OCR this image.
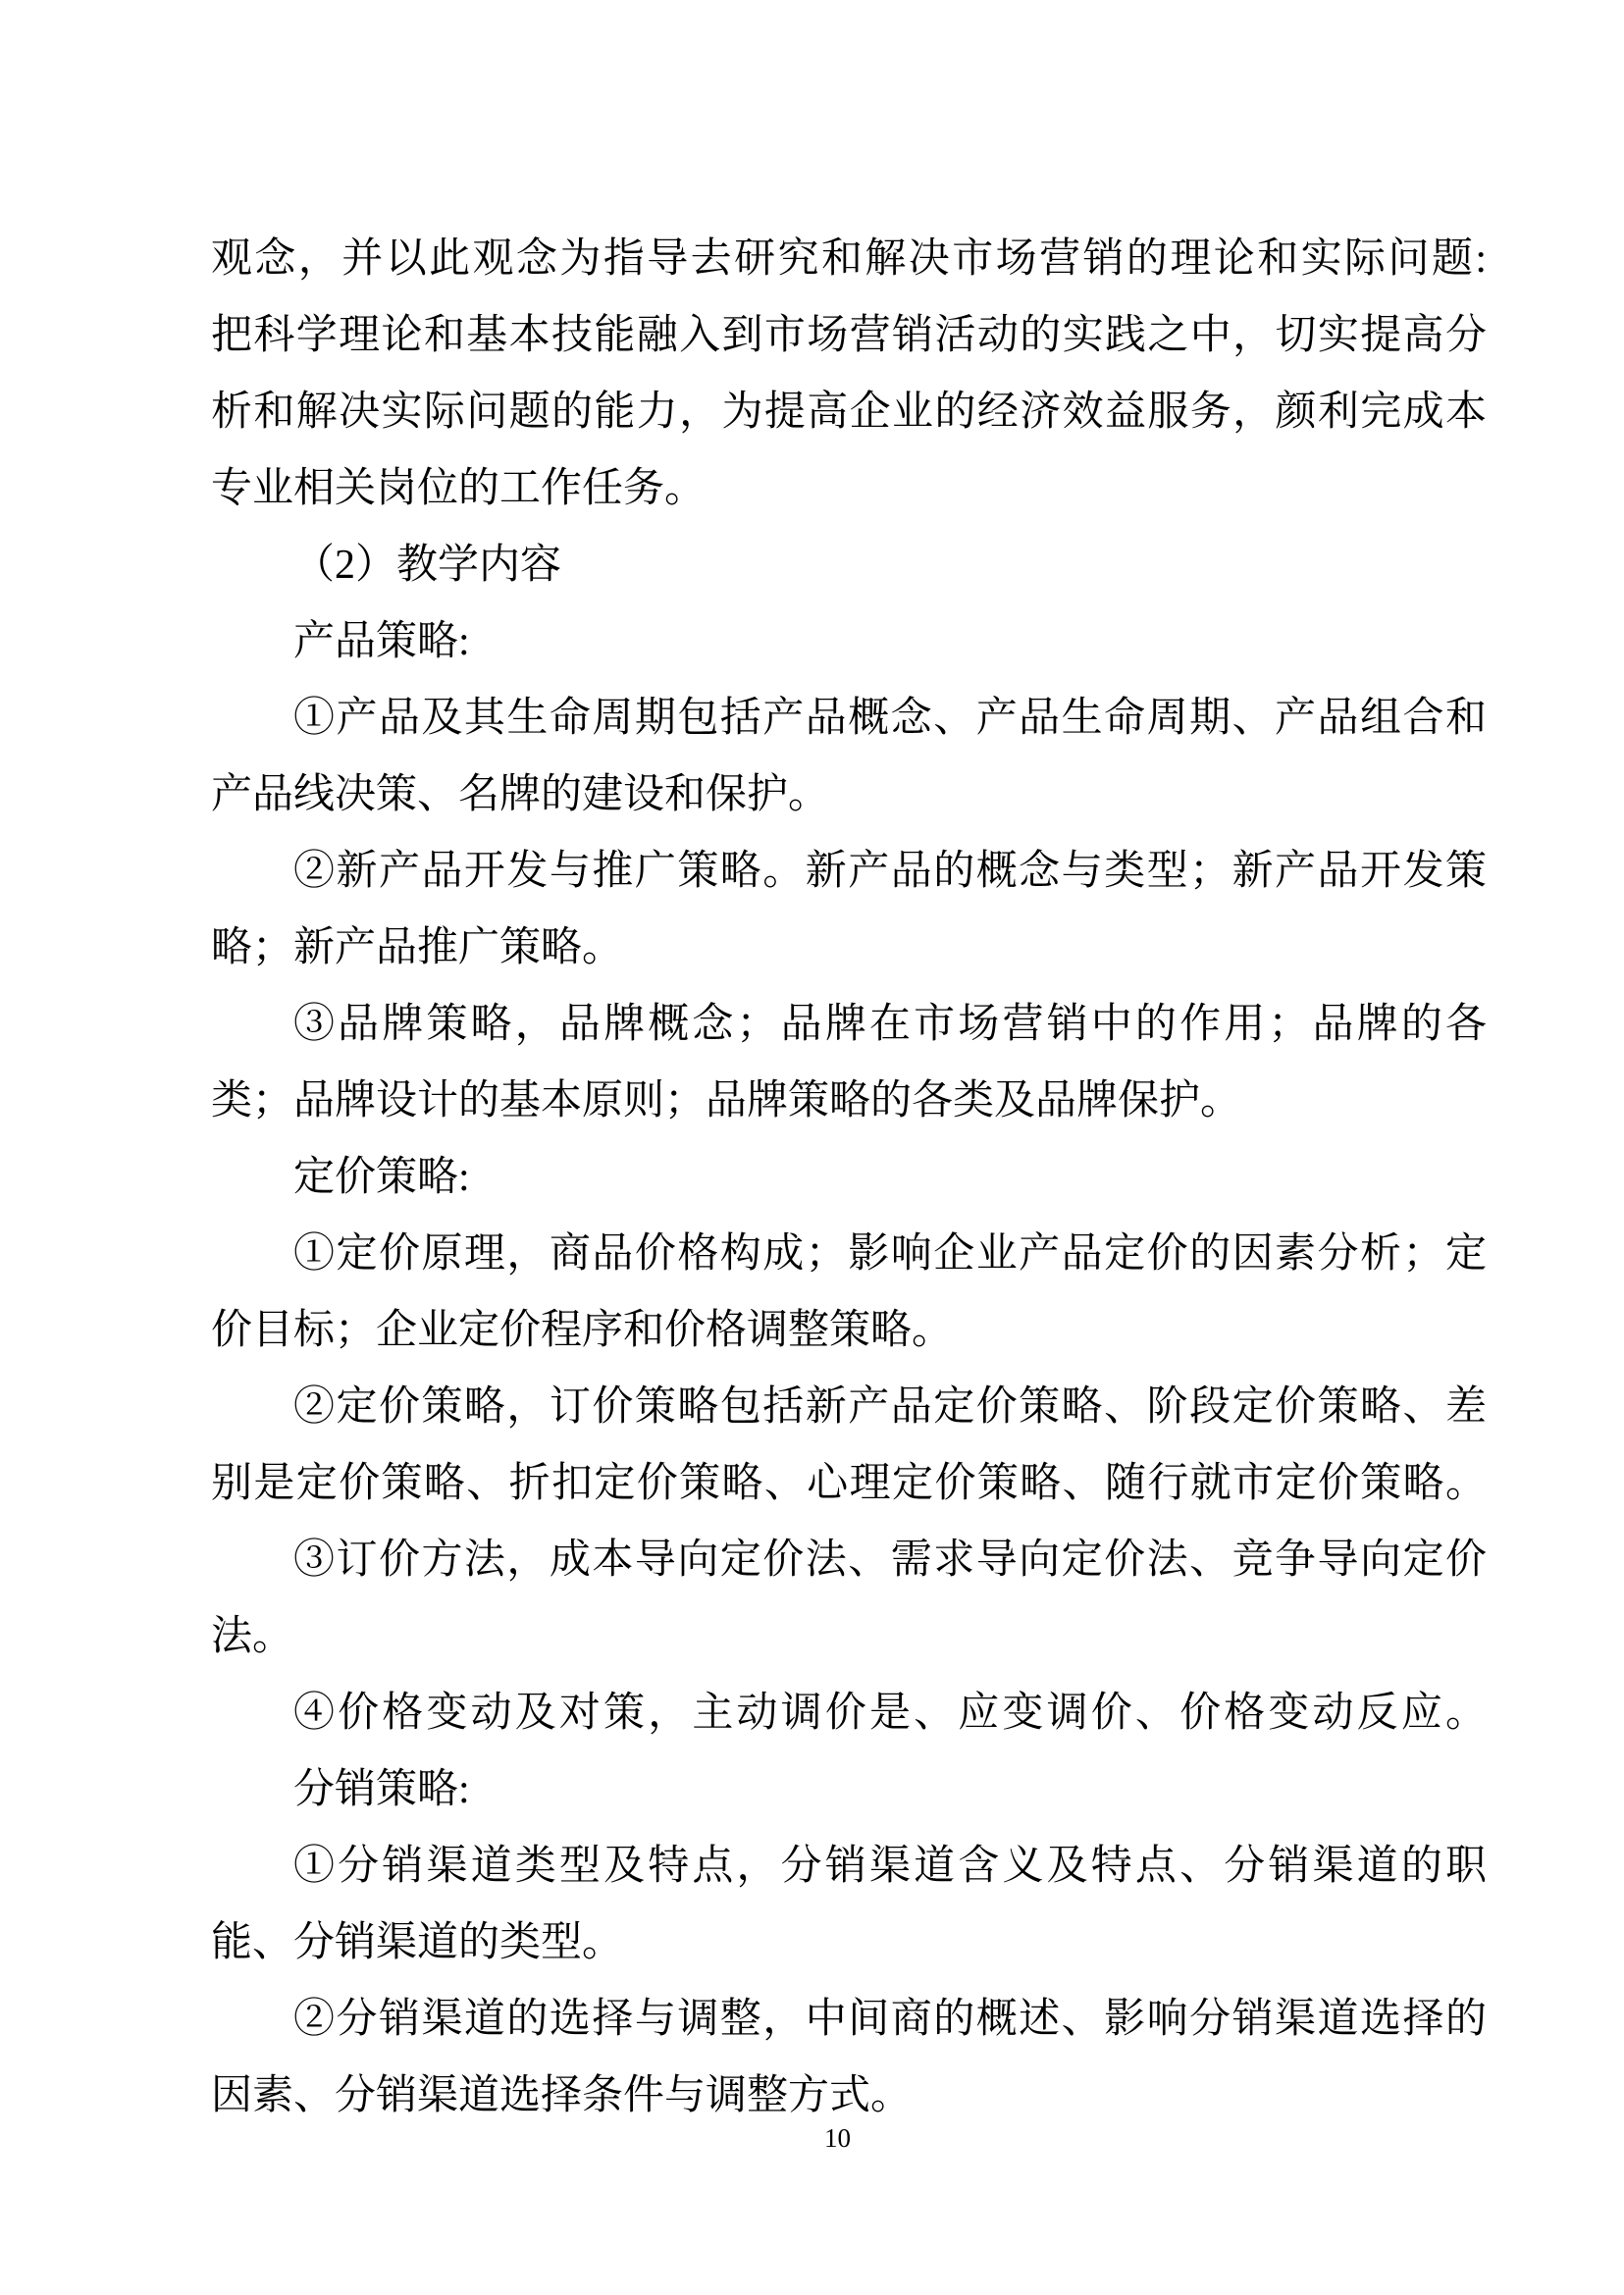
观念，并以此观念为指导去研究和解决市场营销的理论和实际问题:
把科学理论和基本技能融入到市场营销活动的实践之中，切实提高分
析和解决实际问题的能力，为提高企业的经济效益服务，颜利完成本
专业相关岗位的工作任务。
（2）教学内容
产品策略:
①产品及其生命周期包括产品概念、产品生命周期、产品组合和
产品线决策、名牌的建设和保护。
②新产品开发与推广策略。新产品的概念与类型；新产品开发策
略；新产品推广策略。
③品牌策略，品牌概念；品牌在市场营销中的作用；品牌的各
类；品牌设计的基本原则；品牌策略的各类及品牌保护。
定价策略:
①定价原理，商品价格构成；影响企业产品定价的因素分析；定
价目标；企业定价程序和价格调整策略。
②定价策略，订价策略包括新产品定价策略、阶段定价策略、差
别是定价策略、折扣定价策略、心理定价策略、随行就市定价策略。
③订价方法，成本导向定价法、需求导向定价法、竞争导向定价
法。
④价格变动及对策，主动调价是、应变调价、价格变动反应。
分销策略:
①分销渠道类型及特点，分销渠道含义及特点、分销渠道的职
能、分销渠道的类型。
②分销渠道的选择与调整，中间商的概述、影响分销渠道选择的
因素、分销渠道选择条件与调整方式。
10
